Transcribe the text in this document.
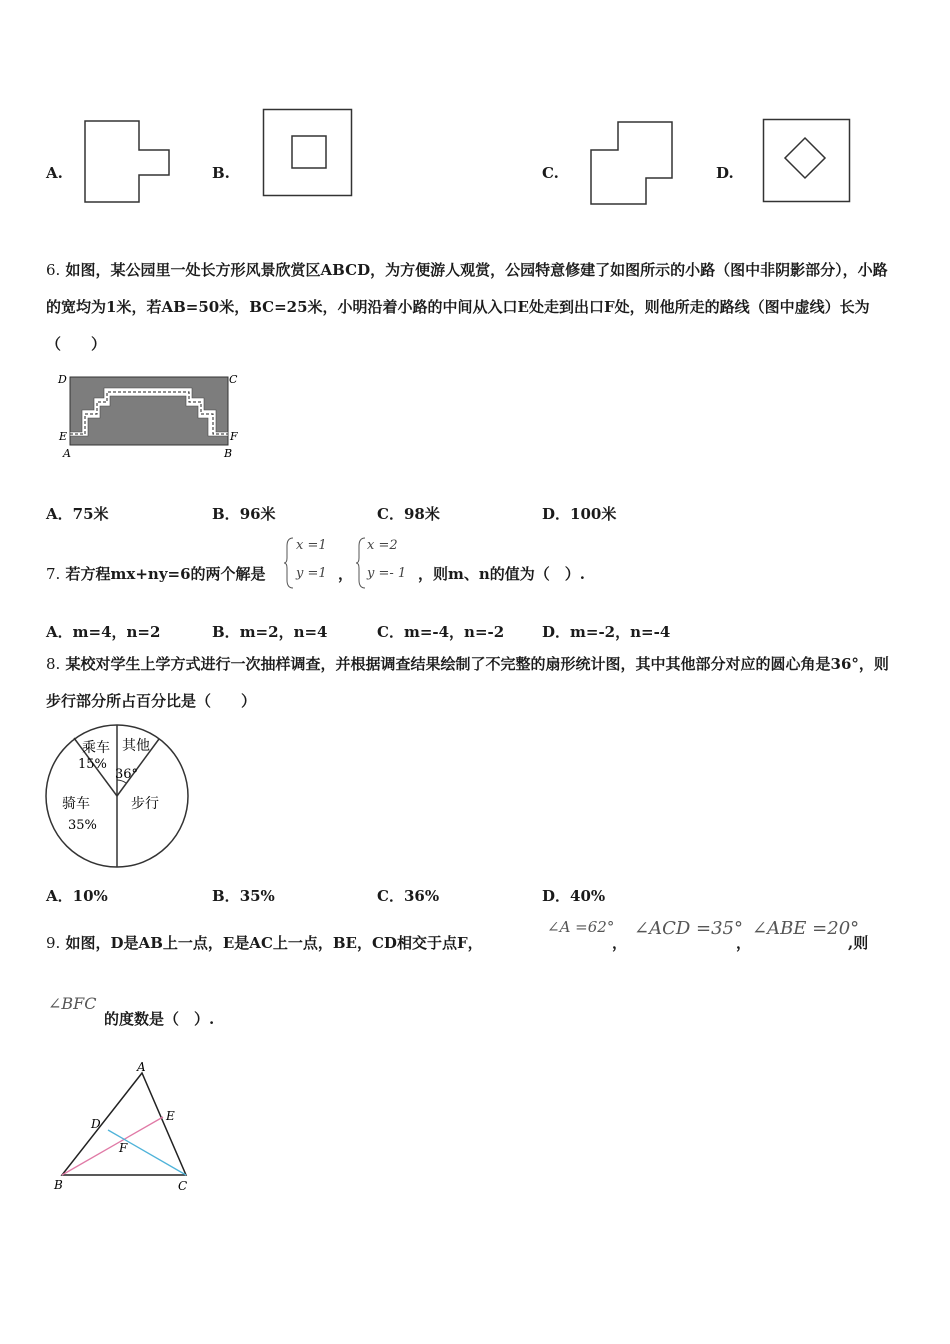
A.	B.	C.	D.
6. 如图，某公园里一处长方形风景欣赏区ABCD，为方便游人观赏，公园特意修建了如图所示的小路（图中非阴影部分），小路的宽均为1米，若AB=50米，BC=25米，小明沿着小路的中间从入口E处走到出口F处，则他所走的路线（图中虚线）长为（　　）
D	C
E	F
A	B
A．75米	B．96米	C．98米	D．100米
7. 若方程mx+ny=6的两个解是
x =1
y =1 ，
x =2
y =- 1 ，则m、n的值为（　）.
A．m=4，n=2	B．m=2，n=4	C．m=-4，n=-2	D．m=-2，n=-4
8. 某校对学生上学方式进行一次抽样调查，并根据调查结果绘制了不完整的扇形统计图，其中其他部分对应的圆心角是36°，则步行部分所占百分比是（　　）
乘车
15%
其他
36°
骑车
35%
步行
A．10%	B．35%	C．36%	D．40%
9. 如图，D是AB上一点，E是AC上一点，BE，CD相交于点F，
∠A =62°
，
∠ACD =35°
，
∠ABE =20°
,则
∠BFC
的度数是（　）.
A
B	C
D
E
F
